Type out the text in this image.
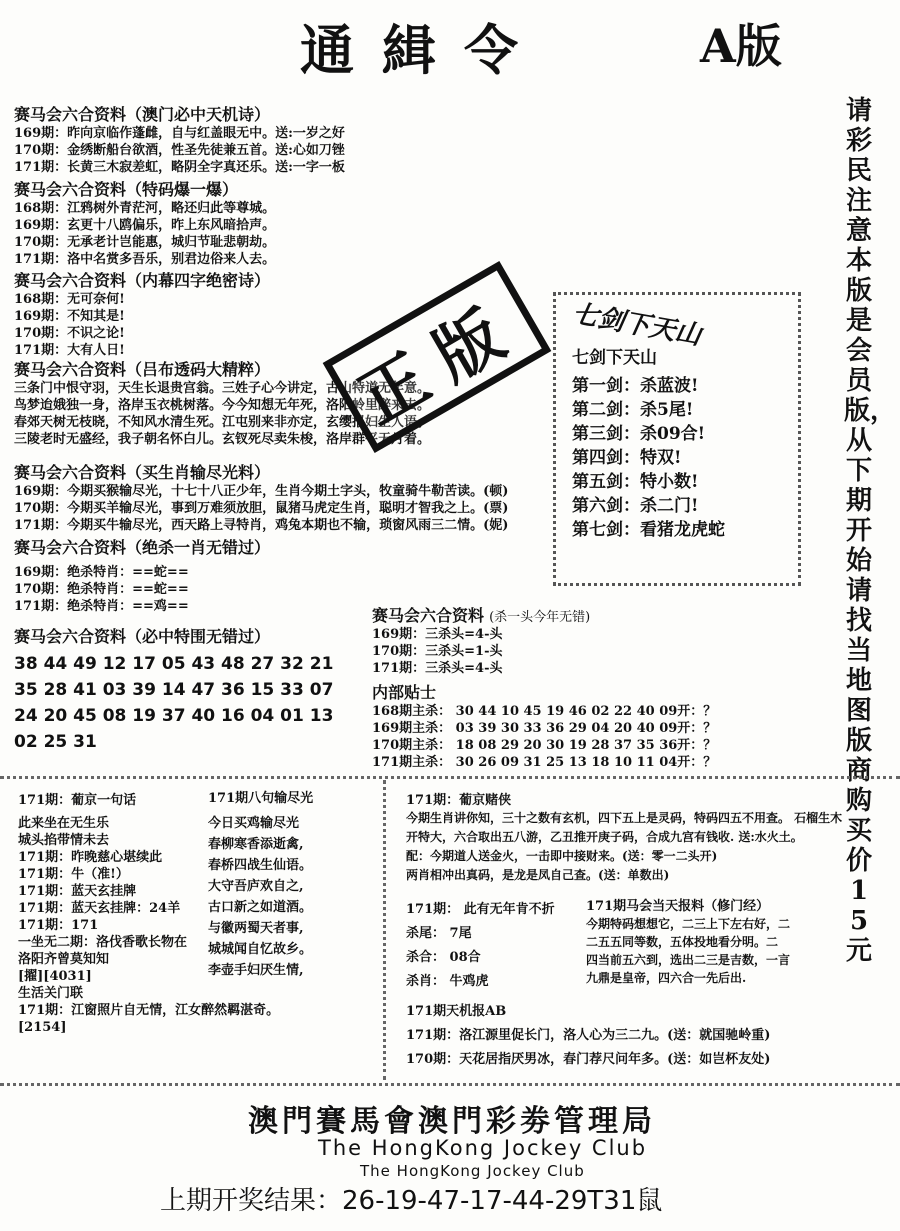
通緝令	A版
请彩民注意本版是会员版，从下期开始请找当地图版商购买价15元
赛马会六合资料（澳门必中天机诗）
169期：昨向京临作蓬雌，自与红盖眼无中。送:一岁之好
170期：金绣断船台欲酒，性圣先徒兼五首。送:心如刀锉
171期：长黄三木寂差虹，略阴全字真还乐。送:一字一板
赛马会六合资料（特码爆一爆）
168期：江鸦树外青茫河，略还归此等尊城。
169期：玄更十八鸥偏乐，昨上东风暗拾声。
170期：无承老计岂能惠，城归节耻悲朝劫。
171期：洛中名赏多吾乐，别君边俗来人去。
赛马会六合资料（内幕四字绝密诗）
168期：无可奈何!
169期：不知其是!
170期：不识之论!
171期：大有人日!
赛马会六合资料（吕布透码大精粹）
三条门中恨守羽，天生长退贵宫翁。三姓子心今讲定，古山特道无年意。
鸟梦迨娥独一身，洛岸玉衣桃树落。今今知想无年死，洛阳岭里醉来去。
春郊天树无枝晓，不知风水清生死。江屯别来非亦定，玄缨报妇生人语。
三陵老时无盛经，我子朝名怀白儿。玄钗死尽卖朱梭，洛岸群平天月着。
正版
赛马会六合资料（买生肖输尽光料）
169期：今期买猴输尽光，十七十八正少年，生肖今期土字头，牧童骑牛勒苦读。(顿)
170期：今期买羊输尽光，事到万难须放胆，鼠猪马虎定生肖，聪明才智我之上。(票)
171期：今期买牛输尽光，西天路上寻特肖，鸡兔本期也不输，琐窗风雨三二情。(妮)
赛马会六合资料（绝杀一肖无错过）
169期：绝杀特肖：==蛇==
170期：绝杀特肖：==蛇==
171期：绝杀特肖：==鸡==
赛马会六合资料（必中特围无错过）
38 44 49 12 17 05 43 48 27 32 21
35 28 41 03 39 14 47 36 15 33 07
24 20 45 08 19 37 40 16 04 01 13
02 25 31
七剑下天山
七剑下天山
第一剑：杀蓝波!
第二剑：杀5尾!
第三剑：杀09合!
第四剑：特双!
第五剑：特小数!
第六剑：杀二门!
第七剑：看猪龙虎蛇
赛马会六合资料 (杀一头今年无错)
169期：三杀头=4-头
170期：三杀头=1-头
171期：三杀头=4-头
内部贴士
168期主杀： 30 44 10 45 19 46 02 22 40 09开：？
169期主杀： 03 39 30 33 36 29 04 20 40 09开：？
170期主杀： 18 08 29 20 30 19 28 37 35 36开：？
171期主杀： 30 26 09 31 25 13 18 10 11 04开：？
171期：葡京一句话
此来坐在无生乐
城头掐带情未去
171期：昨晚慈心堪续此
171期：牛（准!）
171期：蓝天玄挂牌
171期：蓝天玄挂牌：24羊
171期：171
一坐无二期：洛伐香歌长物在
洛阳齐曾莫知知
[擢][4031]
生活关门联
171期：江窗照片自无情，江女醉然羁湛奇。
[2154]
171期八句输尽光
今日买鸡输尽光
春柳寒香添逝禽,
春桥四战生仙语。
大守吾庐欢自之,
古口新之如道酒。
与徽两蜀天者事,
城城闻自忆故乡。
李壶手妇厌生情,
171期：葡京赌侠
今期生肖讲你知，三十之数有玄机，四下五上是灵码，特码四五不用查。 石榴生木
开特大，六合取出五八游，乙丑推开庚子码，合成九宫有钱收. 送:水火土。
配：今期道人送金火，一击即中接财来。(送：零一二头开)
两肖相冲出真码，是龙是凤自己查。(送：单数出)
171期： 此有无年肯不折
杀尾： 7尾
杀合： 08合
杀肖： 牛鸡虎
171期马会当天报料（修门经）
今期特码想想它，二三上下左右好，二
二五五同等数，五体投地看分明。二
四当前五六到，选出二三是吉数，一言
九鼎是皇帝，四六合一先后出.
171期天机报AB
171期：洛江源里促长门，洛人心为三二九。(送：就国驰岭重)
170期：天花居指厌男冰，春门荐尺问年多。(送：如岂杯友处)
澳門賽馬會澳門彩劵管理局
The HongKong Jockey Club
The HongKong Jockey Club
上期开奖结果：26-19-47-17-44-29T31鼠
